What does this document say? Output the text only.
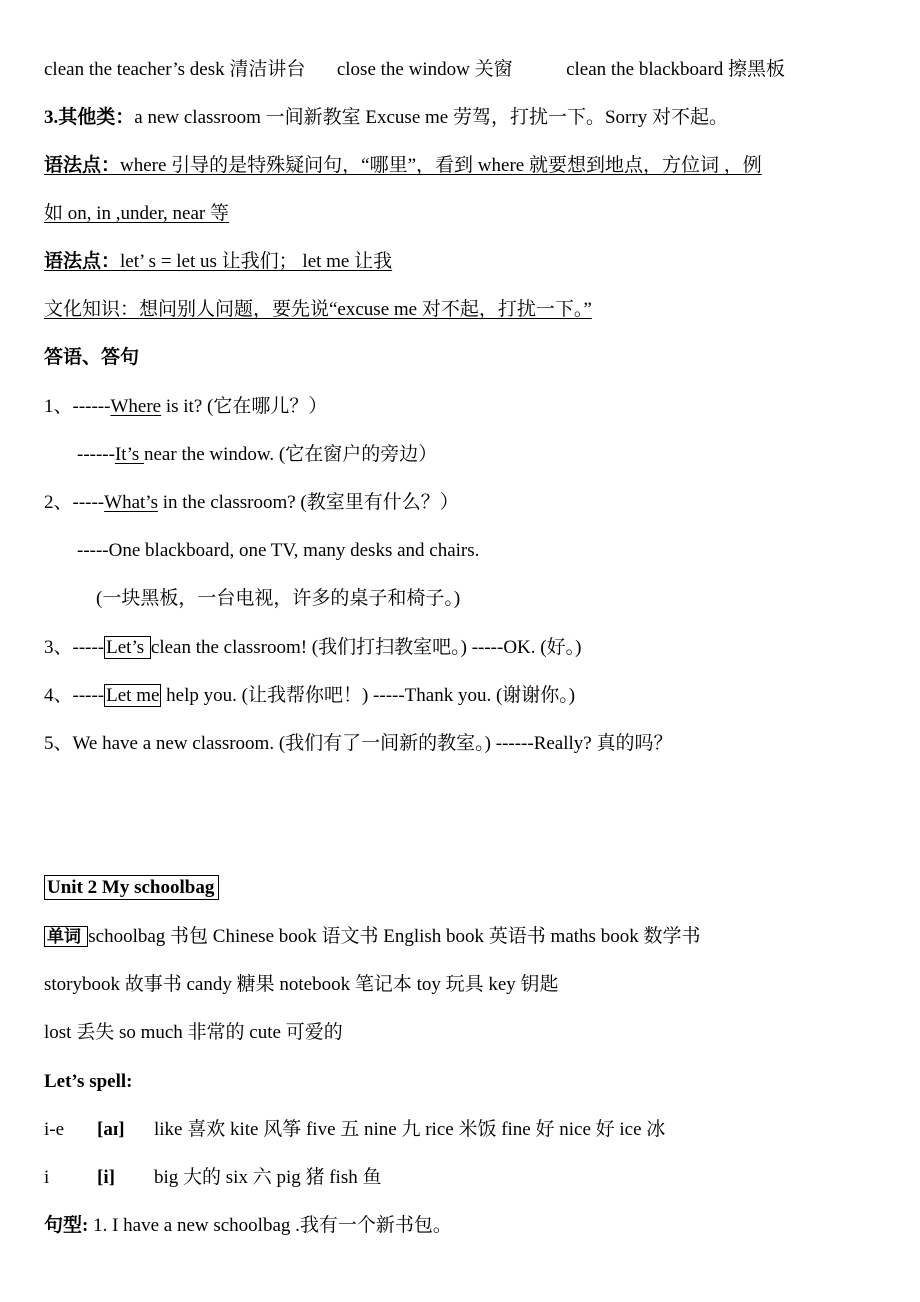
clean the teacher’s desk 清洁讲台 close the window 关窗	clean the blackboard 擦黑板
3.其他类：a new classroom 一间新教室 Excuse me 劳驾，打扰一下。Sorry 对不起。
语法点：where 引导的是特殊疑问句，“哪里”，看到 where 就要想到地点，方位词 ，例
如 on, in ,under, near 等
语法点：let’ s = let us 让我们； let me 让我
文化知识：想问别人问题，要先说“excuse me 对不起，打扰一下。”
答语、答句
1、------Where is it? (它在哪儿？）
------It’s near the window. (它在窗户的旁边）
2、-----What’s in the classroom? (教室里有什么？）
-----One blackboard, one TV, many desks and chairs.
(一块黑板，一台电视，许多的桌子和椅子。)
3、----- Let’s clean the classroom! (我们打扫教室吧。) -----OK. (好。)
4、----- Let me help you. (让我帮你吧！) -----Thank you. (谢谢你。)
5、We have a new classroom. (我们有了一间新的教室。) ------Really? 真的吗？
Unit 2 My schoolbag
单词 schoolbag 书包 Chinese book 语文书 English book 英语书 maths book 数学书
storybook 故事书 candy 糖果 notebook 笔记本 toy 玩具 key 钥匙
lost 丢失 so much 非常的 cute 可爱的
Let’s spell:
i-e [aɪ] like 喜欢 kite 风筝 five 五 nine 九 rice 米饭 fine 好 nice 好 ice 冰
i	[i] big 大的 six 六 pig 猪 fish 鱼
句型: 1. I have a new schoolbag .我有一个新书包。
